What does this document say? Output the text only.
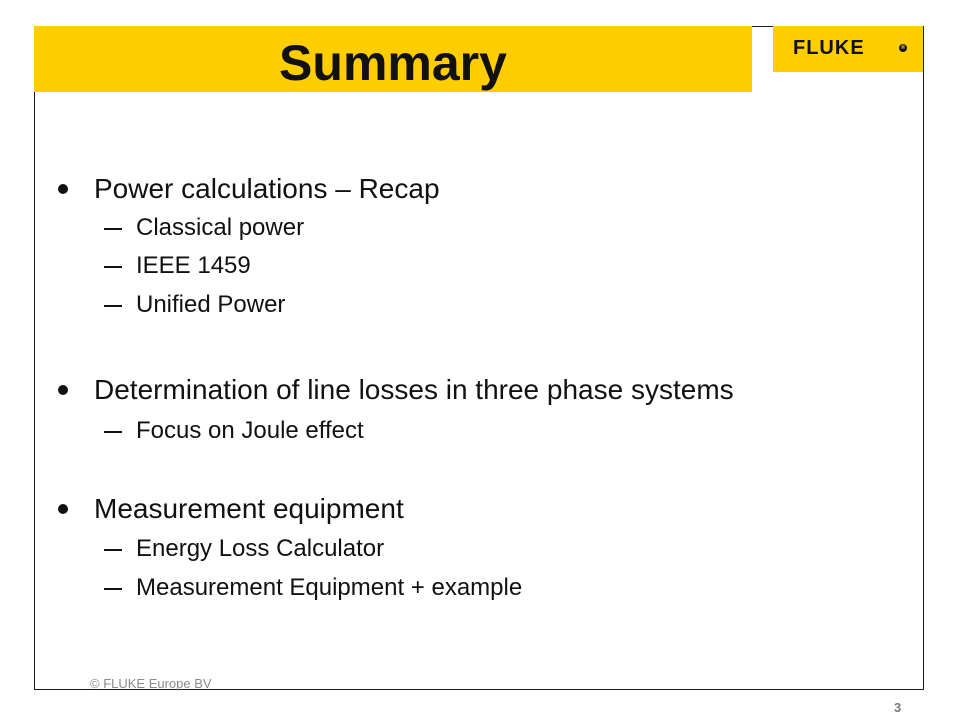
Summary	FLUKE	®
Power calculations – Recap
Classical power
IEEE 1459
Unified Power
Determination of line losses in three phase systems
Focus on Joule effect
Measurement equipment
Energy Loss Calculator
Measurement Equipment + example
© FLUKE Europe BV
3
